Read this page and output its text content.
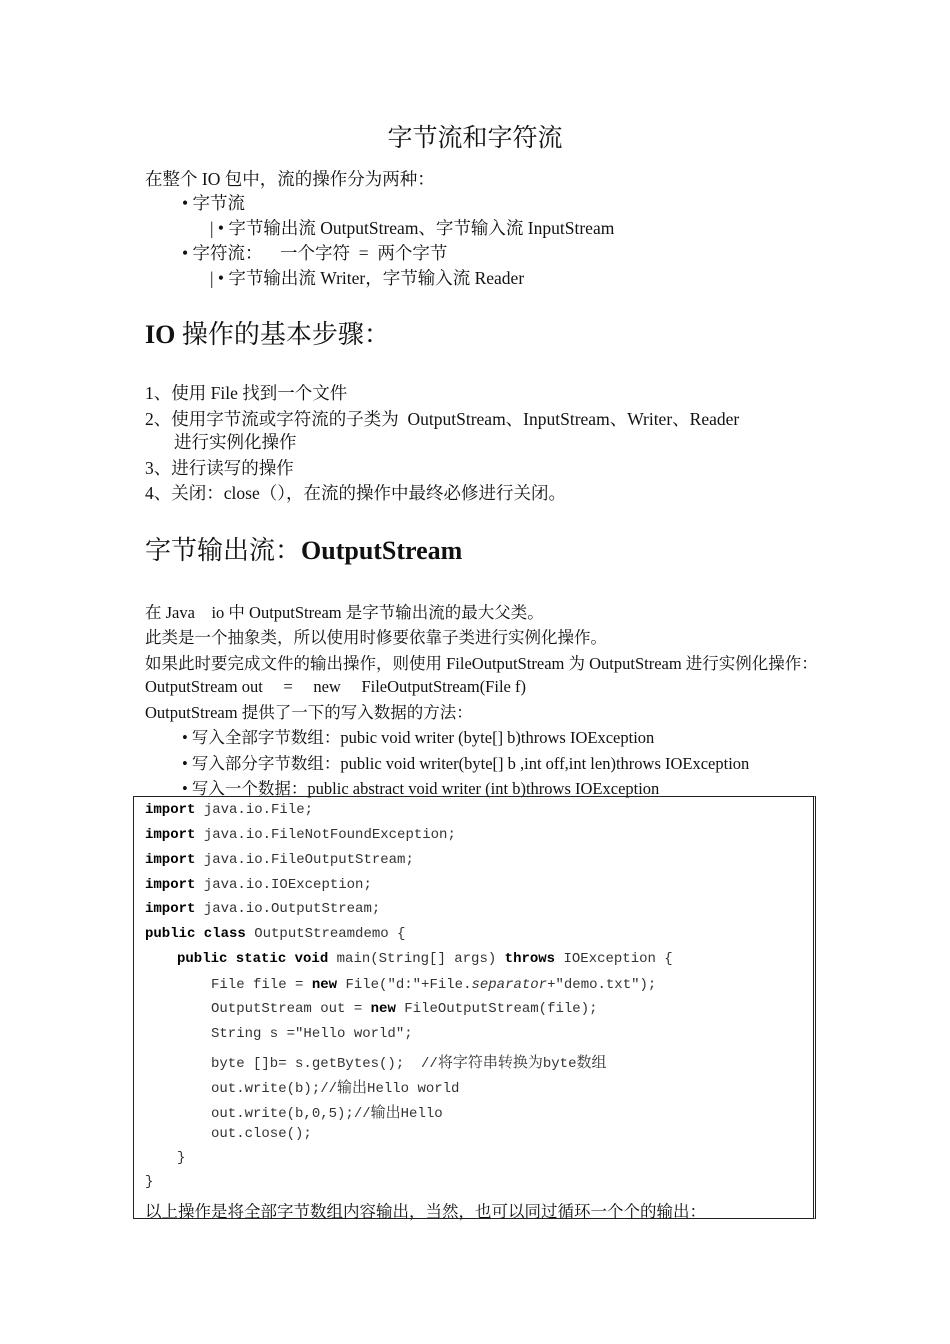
字节流和字符流
在整个 IO 包中，流的操作分为两种：
• 字节流
| • 字节输出流 OutputStream、字节输入流 InputStream
• 字符流：    一个字符  =  两个字节
| • 字节输出流 Writer，字节输入流 Reader
IO 操作的基本步骤：
1、使用 File 找到一个文件
2、使用字节流或字符流的子类为  OutputStream、InputStream、Writer、Reader
进行实例化操作
3、进行读写的操作
4、关闭：close（），在流的操作中最终必修进行关闭。
字节输出流：OutputStream
在 Java    io 中 OutputStream 是字节输出流的最大父类。
此类是一个抽象类，所以使用时修要依靠子类进行实例化操作。
如果此时要完成文件的输出操作，则使用 FileOutputStream 为 OutputStream 进行实例化操作：
OutputStream out     =     new     FileOutputStream(File f)
OutputStream 提供了一下的写入数据的方法：
• 写入全部字节数组：pubic void writer (byte[] b)throws IOException
• 写入部分字节数组：public void writer(byte[] b ,int off,int len)throws IOException
• 写入一个数据：public abstract void writer (int b)throws IOException
import java.io.File;
import java.io.FileNotFoundException;
import java.io.FileOutputStream;
import java.io.IOException;
import java.io.OutputStream;
public class OutputStreamdemo {
public static void main(String[] args) throws IOException {
File file = new File("d:"+File.separator+"demo.txt");
OutputStream out = new FileOutputStream(file);
String s ="Hello world";
byte []b= s.getBytes();  //将字符串转换为byte数组
out.write(b);//输出Hello world
out.write(b,0,5);//输出Hello
out.close();
}
}
以上操作是将全部字节数组内容输出，当然，也可以同过循环一个个的输出：
